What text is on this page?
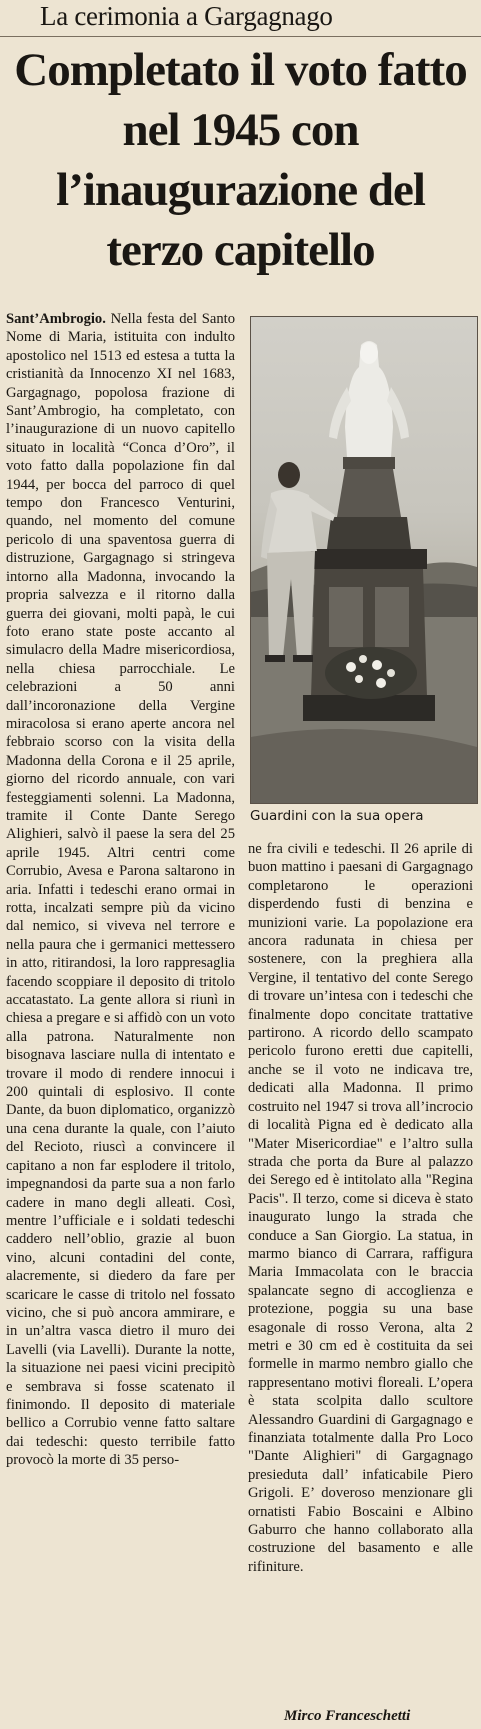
La cerimonia a Gargagnago
Completato il voto fatto nel 1945 con l’inaugurazione del terzo capitello

Sant’Ambrogio. Nella festa del Santo Nome di Maria, istituita con indulto apostolico nel 1513 ed estesa a tutta la cristianità da Innocenzo XI nel 1683, Gargagnago, popolosa frazione di Sant’Ambrogio, ha completato, con l’inaugurazione di un nuovo capitello situato in località “Conca d’Oro”, il voto fatto dalla popolazione fin dal 1944, per bocca del parroco di quel tempo don Francesco Venturini, quando, nel momento del comune pericolo di una spaventosa guerra di distruzione, Gargagnago si stringeva intorno alla Madonna, invocando la propria salvezza e il ritorno dalla guerra dei giovani, molti papà, le cui foto erano state poste accanto al simulacro della Madre misericordiosa, nella chiesa parrocchiale. Le celebrazioni a 50 anni dall’incoronazione della Vergine miracolosa si erano aperte ancora nel febbraio scorso con la visita della Madonna della Corona e il 25 aprile, giorno del ricordo annuale, con vari festeggiamenti solenni. La Madonna, tramite il Conte Dante Serego Alighieri, salvò il paese la sera del 25 aprile 1945. Altri centri come Corrubio, Avesa e Parona saltarono in aria. Infatti i tedeschi erano ormai in rotta, incalzati sempre più da vicino dal nemico, si viveva nel terrore e nella paura che i germanici mettessero in atto, ritirandosi, la loro rappresaglia facendo scoppiare il deposito di tritolo accatastato. La gente allora si riunì in chiesa a pregare e si affidò con un voto alla patrona. Naturalmente non bisognava lasciare nulla di intentato e trovare il modo di rendere innocui i 200 quintali di esplosivo. Il conte Dante, da buon diplomatico, organizzò una cena durante la quale, con l’aiuto del Recioto, riuscì a convincere il capitano a non far esplodere il tritolo, impegnandosi da parte sua a non farlo cadere in mano degli alleati. Così, mentre l’ufficiale e i soldati tedeschi caddero nell’oblio, grazie al buon vino, alcuni contadini del conte, alacremente, si diedero da fare per scaricare le casse di tritolo nel fossato vicino, che si può ancora ammirare, e in un’altra vasca dietro il muro dei Lavelli (via Lavelli). Durante la notte, la situazione nei paesi vicini precipitò e sembrava si fosse scatenato il finimondo. Il deposito di materiale bellico a Corrubio venne fatto saltare dai tedeschi: questo terribile fatto provocò la morte di 35 perso-

Guardini con la sua opera

ne fra civili e tedeschi. Il 26 aprile di buon mattino i paesani di Gargagnago completarono le operazioni disperdendo fusti di benzina e munizioni varie. La popolazione era ancora radunata in chiesa per sostenere, con la preghiera alla Vergine, il tentativo del conte Serego di trovare un’intesa con i tedeschi che finalmente dopo concitate trattative partirono. A ricordo dello scampato pericolo furono eretti due capitelli, anche se il voto ne indicava tre, dedicati alla Madonna. Il primo costruito nel 1947 si trova all’incrocio di località Pigna ed è dedicato alla "Mater Misericordiae" e l’altro sulla strada che porta da Bure al palazzo dei Serego ed è intitolato alla "Regina Pacis". Il terzo, come si diceva è stato inaugurato lungo la strada che conduce a San Giorgio. La statua, in marmo bianco di Carrara, raffigura Maria Immacolata con le braccia spalancate segno di accoglienza e protezione, poggia su una base esagonale di rosso Verona, alta 2 metri e 30 cm ed è costituita da sei formelle in marmo nembro giallo che rappresentano motivi floreali. L’opera è stata scolpita dallo scultore Alessandro Guardini di Gargagnago e finanziata totalmente dalla Pro Loco "Dante Alighieri" di Gargagnago presieduta dall’ infaticabile Piero Grigoli. E’ doveroso menzionare gli ornatisti Fabio Boscaini e Albino Gaburro che hanno collaborato alla costruzione del basamento e alle rifiniture.

Mirco Franceschetti
